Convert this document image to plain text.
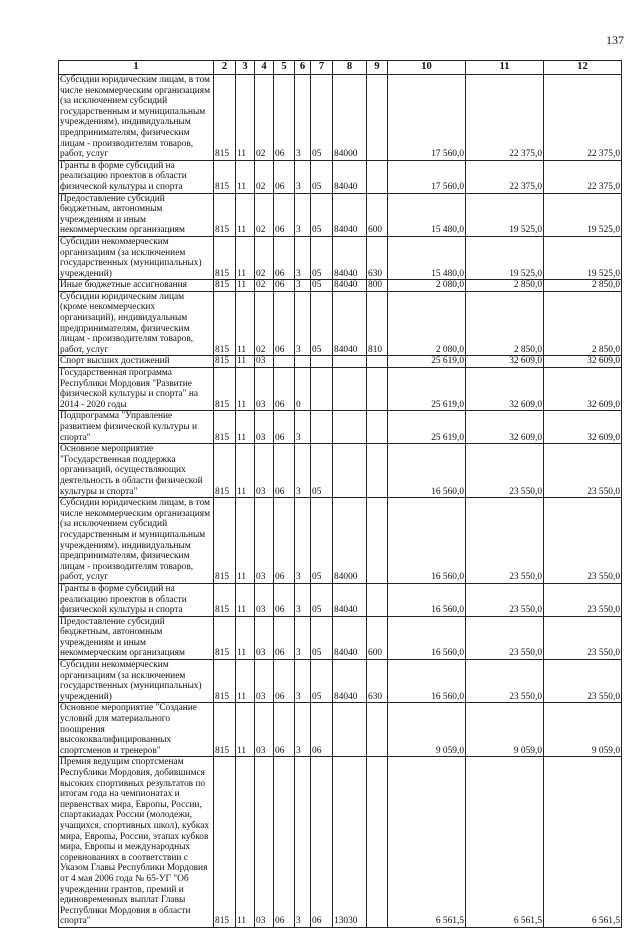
137
1	2	3	4	5	6	7	8	9	10	11	12
Субсидии юридическим лицам, в том числе некоммерческим организациям (за исключением субсидий государственным и муниципальным учреждениям), индивидуальным предпринимателям, физическим лицам - производителям товаров, работ, услуг	815	11	02	06	3	05	84000		17 560,0	22 375,0	22 375,0
Гранты в форме субсидий на реализацию проектов в области физической культуры и спорта	815	11	02	06	3	05	84040		17 560,0	22 375,0	22 375,0
Предоставление субсидий бюджетным, автономным учреждениям и иным некоммерческим организациям	815	11	02	06	3	05	84040	600	15 480,0	19 525,0	19 525,0
Субсидии некоммерческим организациям (за исключением государственных (муниципальных) учреждений)	815	11	02	06	3	05	84040	630	15 480,0	19 525,0	19 525,0
Иные бюджетные ассигнования	815	11	02	06	3	05	84040	800	2 080,0	2 850,0	2 850,0
Субсидии юридическим лицам (кроме некоммерческих организаций), индивидуальным предпринимателям, физическим лицам - производителям товаров, работ, услуг	815	11	02	06	3	05	84040	810	2 080,0	2 850,0	2 850,0
Спорт высших достижений	815	11	03						25 619,0	32 609,0	32 609,0
Государственная программа Республики Мордовия "Развитие физической культуры и спорта" на 2014 - 2020 годы	815	11	03	06	0				25 619,0	32 609,0	32 609,0
Подпрограмма "Управление развитием физической культуры и спорта"	815	11	03	06	3				25 619,0	32 609,0	32 609,0
Основное мероприятие "Государственная поддержка организаций, осуществляющих деятельность в области физической культуры и спорта"	815	11	03	06	3	05			16 560,0	23 550,0	23 550,0
Субсидии юридическим лицам, в том числе некоммерческим организациям (за исключением субсидий государственным и муниципальным учреждениям), индивидуальным предпринимателям, физическим лицам - производителям товаров, работ, услуг	815	11	03	06	3	05	84000		16 560,0	23 550,0	23 550,0
Гранты в форме субсидий на реализацию проектов в области физической культуры и спорта	815	11	03	06	3	05	84040		16 560,0	23 550,0	23 550,0
Предоставление субсидий бюджетным, автономным учреждениям и иным некоммерческим организациям	815	11	03	06	3	05	84040	600	16 560,0	23 550,0	23 550,0
Субсидии некоммерческим организациям (за исключением государственных (муниципальных) учреждений)	815	11	03	06	3	05	84040	630	16 560,0	23 550,0	23 550,0
Основное мероприятие "Создание условий для материального поощрения высококвалифицированных спортсменов и тренеров"	815	11	03	06	3	06			9 059,0	9 059,0	9 059,0
Премия ведущим спортсменам Республики Мордовия, добившимся высоких спортивных результатов по итогам года на чемпионатах и первенствах мира, Европы, России, спартакиадах России (молодежи, учащихся, спортивных школ), кубках мира, Европы, России, этапах кубков мира, Европы и международных соревнованиях в соответствии с Указом Главы Республики Мордовия от 4 мая 2006 года № 65-УГ "Об учреждении грантов, премий и единовременных выплат Главы Республики Мордовия в области спорта"	815	11	03	06	3	06	13030		6 561,5	6 561,5	6 561,5
